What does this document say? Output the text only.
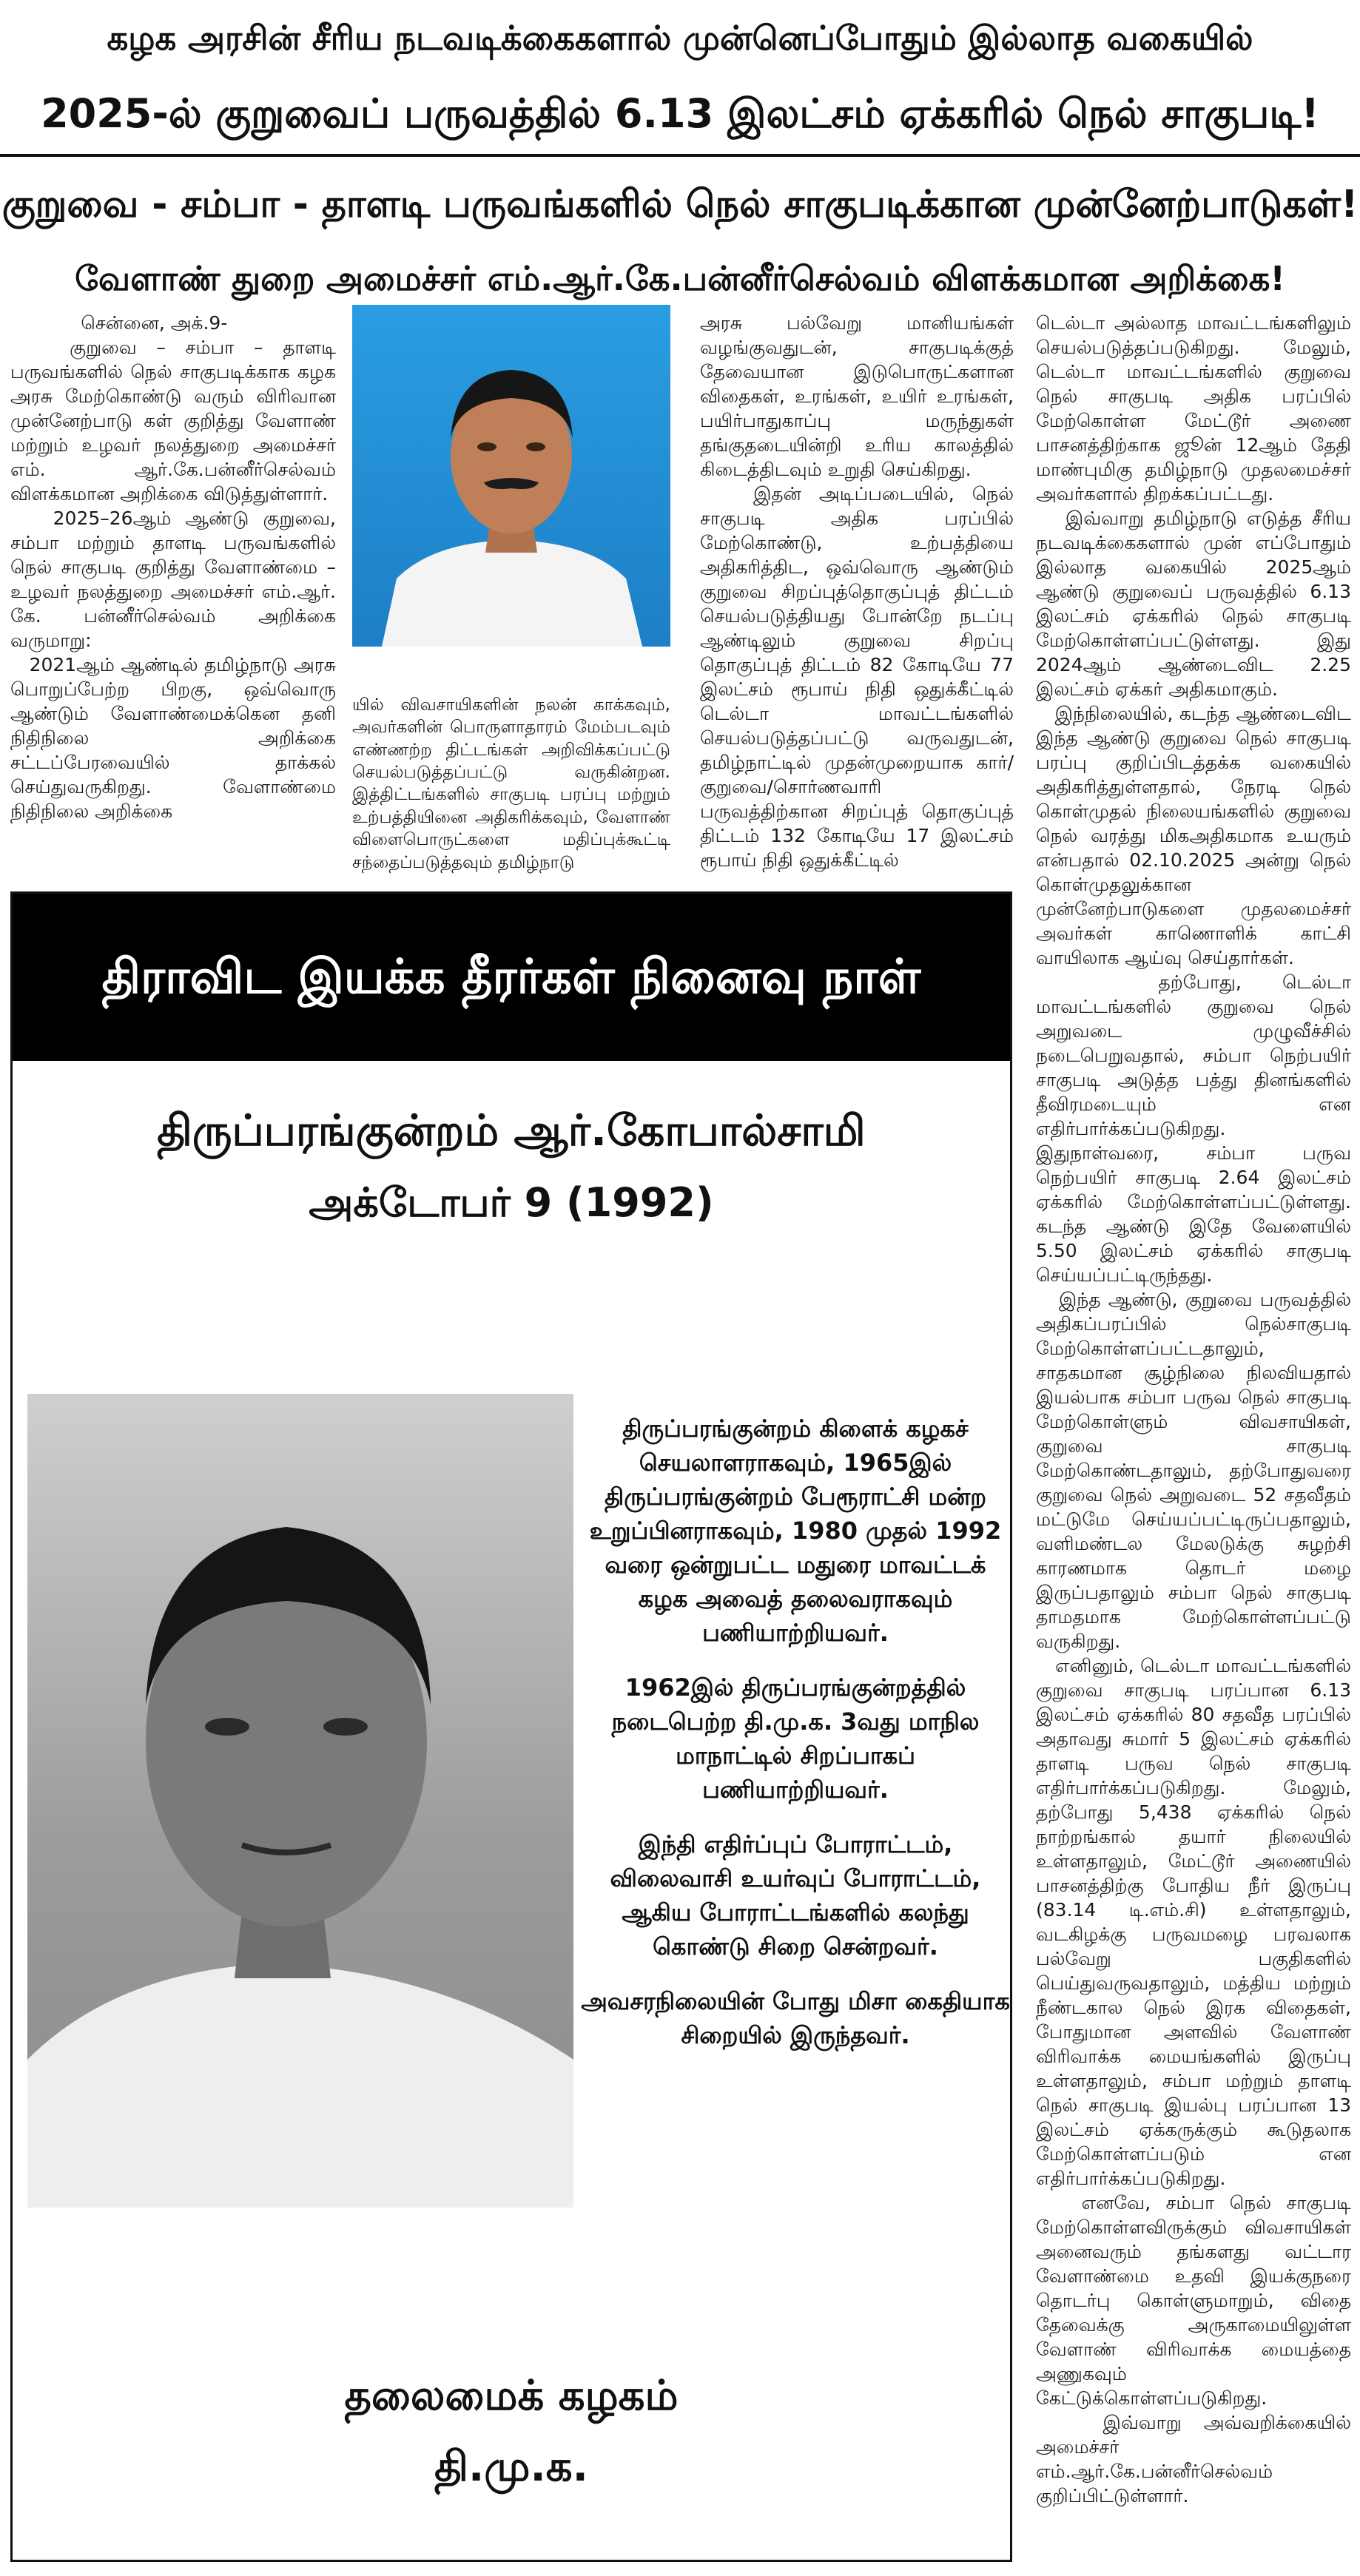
கழக அரசின் சீரிய நடவடிக்கைகளால் முன்னெப்போதும் இல்லாத வகையில்
2025-ல் குறுவைப் பருவத்தில் 6.13 இலட்சம் ஏக்கரில் நெல் சாகுபடி!
குறுவை - சம்பா - தாளடி பருவங்களில் நெல் சாகுபடிக்கான முன்னேற்பாடுகள்!
வேளாண் துறை அமைச்சர் எம்.ஆர்.கே.பன்னீர்செல்வம் விளக்கமான அறிக்கை!
சென்னை, அக்.9-
குறுவை – சம்பா – தாளடி பருவங்களில் நெல் சாகுபடிக்காக கழக அரசு மேற்கொண்டு வரும் விரிவான முன்னேற்பாடு கள் குறித்து வேளாண் மற்றும் உழவர் நலத்துறை அமைச்சர் எம். ஆர்.கே.பன்னீர்செல்வம் விளக்கமான அறிக்கை விடுத்துள்ளார்.
2025–26ஆம் ஆண்டு குறுவை, சம்பா மற்றும் தாளடி பருவங்களில் நெல் சாகுபடி குறித்து வேளாண்மை – உழவர் நலத்துறை அமைச்சர் எம்.ஆர். கே. பன்னீர்செல்வம் அறிக்கை வருமாறு:
2021ஆம் ஆண்டில் தமிழ்நாடு அரசு பொறுப்பேற்ற பிறகு, ஒவ்வொரு ஆண்டும் வேளாண்மைக்கென தனி நிதிநிலை அறிக்கை சட்டப்பேரவையில் தாக்கல் செய்துவருகிறது. வேளாண்மை நிதிநிலை அறிக்கை
யில் விவசாயிகளின் நலன் காக்கவும், அவர்களின் பொருளாதாரம் மேம்படவும் எண்ணற்ற திட்டங்கள் அறிவிக்கப்பட்டு செயல்படுத்தப்பட்டு வருகின்றன. இத்திட்டங்களில் சாகுபடி பரப்பு மற்றும் உற்பத்தியினை அதிகரிக்கவும், வேளாண் விளைபொருட்களை மதிப்புக்கூட்டி சந்தைப்படுத்தவும் தமிழ்நாடு
அரசு பல்வேறு மானியங்கள் வழங்குவதுடன், சாகுபடிக்குத் தேவையான இடுபொருட்களான விதைகள், உரங்கள், உயிர் உரங்கள், பயிர்பாதுகாப்பு மருந்துகள் தங்குதடையின்றி உரிய காலத்தில் கிடைத்திடவும் உறுதி செய்கிறது.
இதன் அடிப்படையில், நெல் சாகுபடி அதிக பரப்பில் மேற்கொண்டு, உற்பத்தியை அதிகரித்திட, ஒவ்வொரு ஆண்டும் குறுவை சிறப்புத்தொகுப்புத் திட்டம் செயல்படுத்தியது போன்றே நடப்பு ஆண்டிலும் குறுவை சிறப்பு தொகுப்புத் திட்டம் 82 கோடியே 77 இலட்சம் ரூபாய் நிதி ஒதுக்கீட்டில் டெல்டா மாவட்டங்களில் செயல்படுத்தப்பட்டு வருவதுடன், தமிழ்நாட்டில் முதன்முறையாக கார்/ குறுவை/சொர்ணவாரி பருவத்திற்கான சிறப்புத் தொகுப்புத் திட்டம் 132 கோடியே 17 இலட்சம் ரூபாய் நிதி ஒதுக்கீட்டில்
டெல்டா அல்லாத மாவட்டங்களிலும் செயல்படுத்தப்படுகிறது. மேலும், டெல்டா மாவட்டங்களில் குறுவை நெல் சாகுபடி அதிக பரப்பில் மேற்கொள்ள மேட்டூர் அணை பாசனத்திற்காக ஜூன் 12ஆம் தேதி மாண்புமிகு தமிழ்நாடு முதலமைச்சர் அவர்களால் திறக்கப்பட்டது.
இவ்வாறு தமிழ்நாடு எடுத்த சீரிய நடவடிக்கைகளால் முன் எப்போதும் இல்லாத வகையில் 2025ஆம் ஆண்டு குறுவைப் பருவத்தில் 6.13 இலட்சம் ஏக்கரில் நெல் சாகுபடி மேற்கொள்ளப்பட்டுள்ளது. இது 2024ஆம் ஆண்டைவிட 2.25 இலட்சம் ஏக்கர் அதிகமாகும்.
இந்நிலையில், கடந்த ஆண்டைவிட இந்த ஆண்டு குறுவை நெல் சாகுபடி பரப்பு குறிப்பிடத்தக்க வகையில் அதிகரித்துள்ளதால், நேரடி நெல் கொள்முதல் நிலையங்களில் குறுவை நெல் வரத்து மிகஅதிகமாக உயரும் என்பதால் 02.10.2025 அன்று நெல் கொள்முதலுக்கான முன்னேற்பாடுகளை முதலமைச்சர் அவர்கள் காணொளிக் காட்சி வாயிலாக ஆய்வு செய்தார்கள்.
தற்போது, டெல்டா மாவட்டங்களில் குறுவை நெல் அறுவடை முழுவீச்சில் நடைபெறுவதால், சம்பா நெற்பயிர் சாகுபடி அடுத்த பத்து தினங்களில் தீவிரமடையும் என எதிர்பார்க்கப்படுகிறது. இதுநாள்வரை, சம்பா பருவ நெற்பயிர் சாகுபடி 2.64 இலட்சம் ஏக்கரில் மேற்கொள்ளப்பட்டுள்ளது. கடந்த ஆண்டு இதே வேளையில் 5.50 இலட்சம் ஏக்கரில் சாகுபடி செய்யப்பட்டிருந்தது.
இந்த ஆண்டு, குறுவை பருவத்தில் அதிகப்பரப்பில் நெல்சாகுபடி மேற்கொள்ளப்பட்டதாலும், சாதகமான சூழ்நிலை நிலவியதால் இயல்பாக சம்பா பருவ நெல் சாகுபடி மேற்கொள்ளும் விவசாயிகள், குறுவை சாகுபடி மேற்கொண்டதாலும், தற்போதுவரை குறுவை நெல் அறுவடை 52 சதவீதம் மட்டுமே செய்யப்பட்டிருப்பதாலும், வளிமண்டல மேலடுக்கு சுழற்சி காரணமாக தொடர் மழை இருப்பதாலும் சம்பா நெல் சாகுபடி தாமதமாக மேற்கொள்ளப்பட்டு வருகிறது.
எனினும், டெல்டா மாவட்டங்களில் குறுவை சாகுபடி பரப்பான 6.13 இலட்சம் ஏக்கரில் 80 சதவீத பரப்பில் அதாவது சுமார் 5 இலட்சம் ஏக்கரில் தாளடி பருவ நெல் சாகுபடி எதிர்பார்க்கப்படுகிறது. மேலும், தற்போது 5,438 ஏக்கரில் நெல் நாற்றங்கால் தயார் நிலையில் உள்ளதாலும், மேட்டூர் அணையில் பாசனத்திற்கு போதிய நீர் இருப்பு (83.14 டி.எம்.சி) உள்ளதாலும், வடகிழக்கு பருவமழை பரவலாக பல்வேறு பகுதிகளில் பெய்துவருவதாலும், மத்திய மற்றும் நீண்டகால நெல் இரக விதைகள், போதுமான அளவில் வேளாண் விரிவாக்க மையங்களில் இருப்பு உள்ளதாலும், சம்பா மற்றும் தாளடி நெல் சாகுபடி இயல்பு பரப்பான 13 இலட்சம் ஏக்கருக்கும் கூடுதலாக மேற்கொள்ளப்படும் என எதிர்பார்க்கப்படுகிறது.
எனவே, சம்பா நெல் சாகுபடி மேற்கொள்ளவிருக்கும் விவசாயிகள் அனைவரும் தங்களது வட்டார வேளாண்மை உதவி இயக்குநரை தொடர்பு கொள்ளுமாறும், விதை தேவைக்கு அருகாமையிலுள்ள வேளாண் விரிவாக்க மையத்தை அணுகவும் கேட்டுக்கொள்ளப்படுகிறது.
இவ்வாறு அவ்வறிக்கையில் அமைச்சர் எம்.ஆர்.கே.பன்னீர்செல்வம் குறிப்பிட்டுள்ளார்.
திராவிட இயக்க தீரர்கள் நினைவு நாள்
திருப்பரங்குன்றம் ஆர்.கோபால்சாமி
அக்டோபர் 9 (1992)

திருப்பரங்குன்றம் கிளைக் கழகச் செயலாளராகவும், 1965இல் திருப்பரங்குன்றம் பேரூராட்சி மன்ற உறுப்பினராகவும், 1980 முதல் 1992 வரை ஒன்றுபட்ட மதுரை மாவட்டக் கழக அவைத் தலைவராகவும் பணியாற்றியவர்.

1962இல் திருப்பரங்குன்றத்தில் நடைபெற்ற தி.மு.க. 3வது மாநில மாநாட்டில் சிறப்பாகப் பணியாற்றியவர்.

இந்தி எதிர்ப்புப் போராட்டம், விலைவாசி உயர்வுப் போராட்டம், ஆகிய போராட்டங்களில் கலந்து கொண்டு சிறை சென்றவர்.

அவசரநிலையின் போது மிசா கைதியாக சிறையில் இருந்தவர்.

தலைமைக் கழகம்
தி.மு.க.
